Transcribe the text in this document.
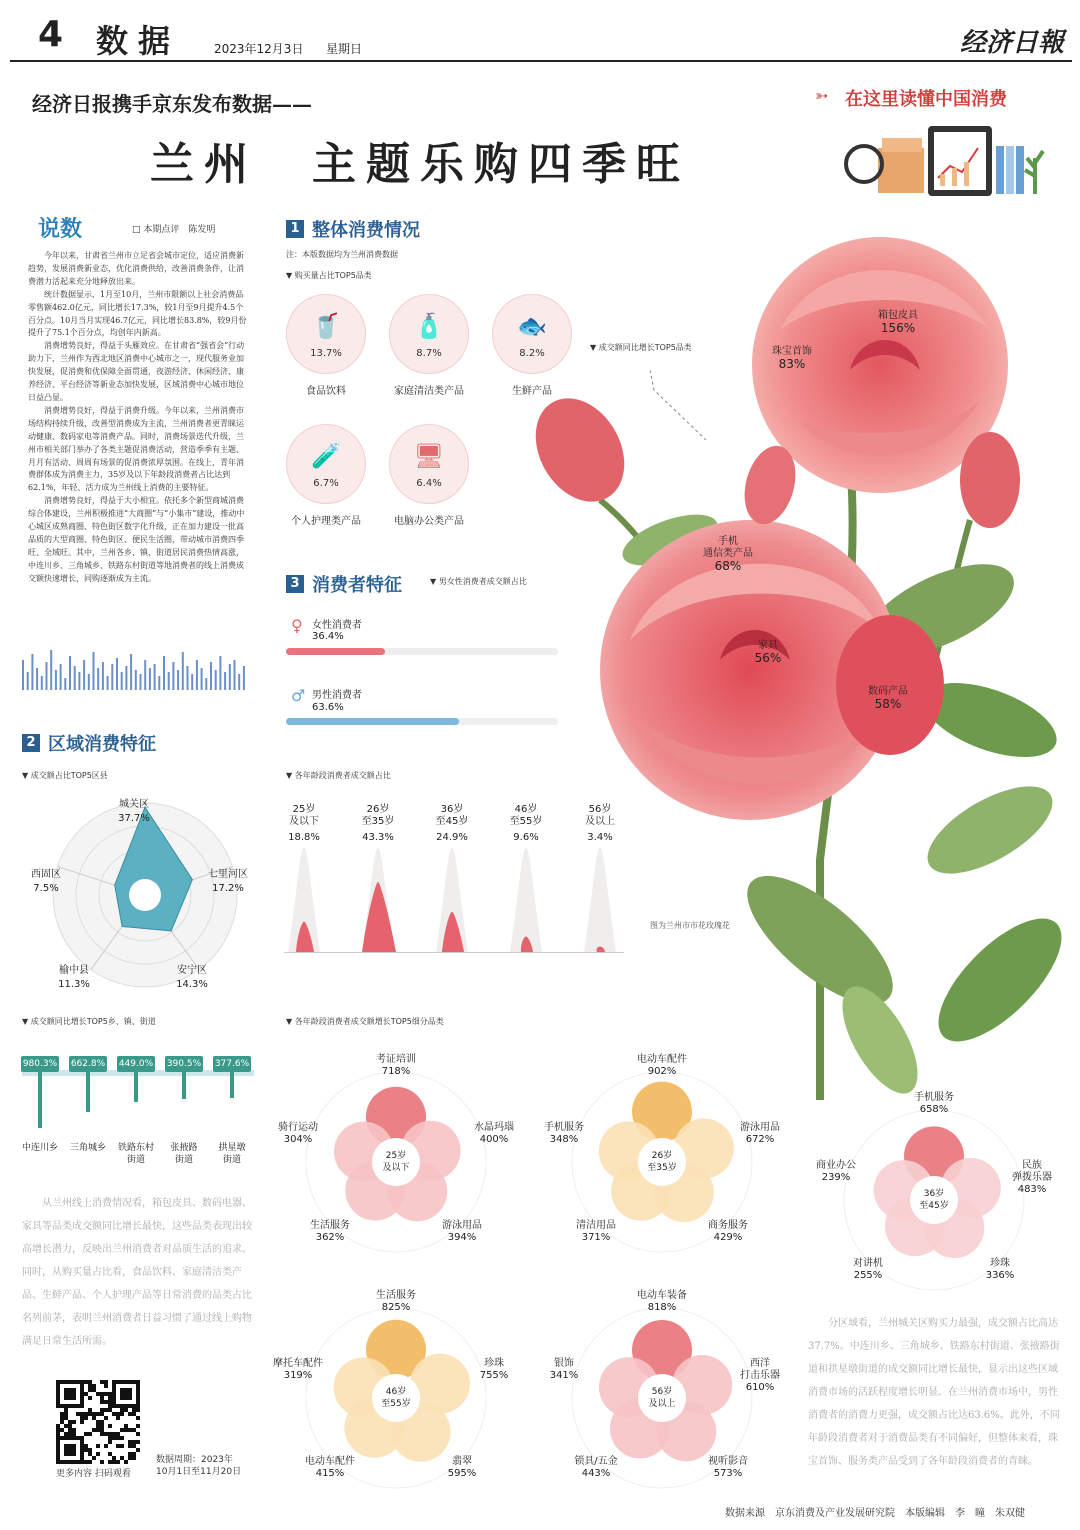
4 数据	2023年12月3日 星期日	经济日報
经济日报携手京东发布数据——
兰州　主题乐购四季旺
➳ 在这里读懂中国消费
说数	□ 本期点评　陈发明

今年以来，甘肃省兰州市立足省会城市定位，适应消费新趋势，发展消费新业态，优化消费供给，改善消费条件，让消费潜力活起来充分地释放出来。

统计数据显示，1月至10月，兰州市限额以上社会消费品零售额462.0亿元，同比增长17.3%，较1月至9月提升4.5个百分点。10月当月实现46.7亿元，同比增长83.8%，较9月份提升了75.1个百分点，均创年内新高。

消费增势良好，得益于头雁效应。在甘肃省“强省会”行动助力下，兰州作为西北地区消费中心城市之一，现代服务业加快发展，促消费和优保障全面贯通，夜游经济、休闲经济、康养经济、平台经济等新业态加快发展，区域消费中心城市地位日益凸显。

消费增势良好，得益于消费升级。今年以来，兰州消费市场结构持续升级，改善型消费成为主流，兰州消费者更青睐运动健康、数码家电等消费产品。同时，消费场景迭代升级，兰州市相关部门举办了各类主题促消费活动，营造季季有主题、月月有活动、周周有场景的促消费浓厚氛围。在线上，青年消费群体成为消费主力，35岁及以下年龄段消费者占比达到62.1%，年轻、活力成为兰州线上消费的主要特征。

消费增势良好，得益于大小相宜。依托多个新型商城消费综合体建设，兰州积极推进“大商圈”与“小集市”建设，推动中心城区成熟商圈、特色街区数字化升级，正在加力建设一批高品质的大型商圈、特色街区、便民生活圈，带动城市消费四季旺、全域旺。其中，兰州各乡、镇、街道居民消费热情高涨，中连川乡、三角城乡、铁路东村街道等地消费者的线上消费成交额快速增长，同购逐渐成为主流。

1 整体消费情况
注：本版数据均为兰州消费数据
▼ 购买量占比TOP5品类
🥤
13.7%
食品饮料
🧴
8.7%
家庭清洁类产品
🐟
8.2%
生鲜产品
🧪
6.7%
个人护理类产品
🖥
6.4%
电脑办公类产品
▼ 成交额同比增长TOP5品类
箱包皮具
156%
珠宝首饰
83%
手机
通信类产品
68%
家具
56%
数码产品
58%
图为兰州市市花玫瑰花
3 消费者特征	▼ 男女性消费者成交额占比
♀ 女性消费者
36.4%
♂ 男性消费者
63.6%
▼ 各年龄段消费者成交额占比
25岁
及以下
18.8%
26岁
至35岁
43.3%
36岁
至45岁
24.9%
46岁
至55岁
9.6%
56岁
及以上
3.4%
2 区域消费特征
▼ 成交额占比TOP5区县
城关区
37.7%
七里河区
17.2%
安宁区
14.3%
榆中县
11.3%
西固区
7.5%
▼ 成交额同比增长TOP5乡、镇、街道
980.3%
中连川乡
662.8%
三角城乡
449.0%
铁路东村
街道
390.5%
张掖路
街道
377.6%
拱星墩
街道

从兰州线上消费情况看，箱包皮具、数码电器、家具等品类成交额同比增长最快，这些品类表现出较高增长潜力，反映出兰州消费者对品质生活的追求。同时，从购买量占比看，食品饮料、家庭清洁类产品、生鲜产品、个人护理产品等日常消费的品类占比名列前茅，表明兰州消费者日益习惯了通过线上购物满足日常生活所需。

更多内容 扫码观看
数据周期：2023年
10月1日至11月20日
▼ 各年龄段消费者成交额增长TOP5细分品类
25岁
及以下
考证培训
718%
水晶玛瑙
400%
游泳用品
394%
生活服务
362%
骑行运动
304%
26岁
至35岁
电动车配件
902%
游泳用品
672%
商务服务
429%
清洁用品
371%
手机服务
348%
36岁
至45岁
手机服务
658%
民族
弹拨乐器
483%
珍珠
336%
对讲机
255%
商业办公
239%
46岁
至55岁
生活服务
825%
珍珠
755%
翡翠
595%
电动车配件
415%
摩托车配件
319%
56岁
及以上
电动车装备
818%
西洋
打击乐器
610%
视听影音
573%
锁具/五金
443%
银饰
341%

分区域看，兰州城关区购买力最强，成交额占比高达37.7%。中连川乡、三角城乡、铁路东村街道、张掖路街道和拱星墩街道的成交额同比增长最快，显示出这些区域消费市场的活跃程度增长明显。在兰州消费市场中，男性消费者的消费力更强，成交额占比达63.6%。此外，不同年龄段消费者对于消费品类有不同偏好，但整体来看，珠宝首饰、服务类产品受到了各年龄段消费者的青睐。

数据来源　京东消费及产业发展研究院　本版编辑　李　瞳　朱双健
